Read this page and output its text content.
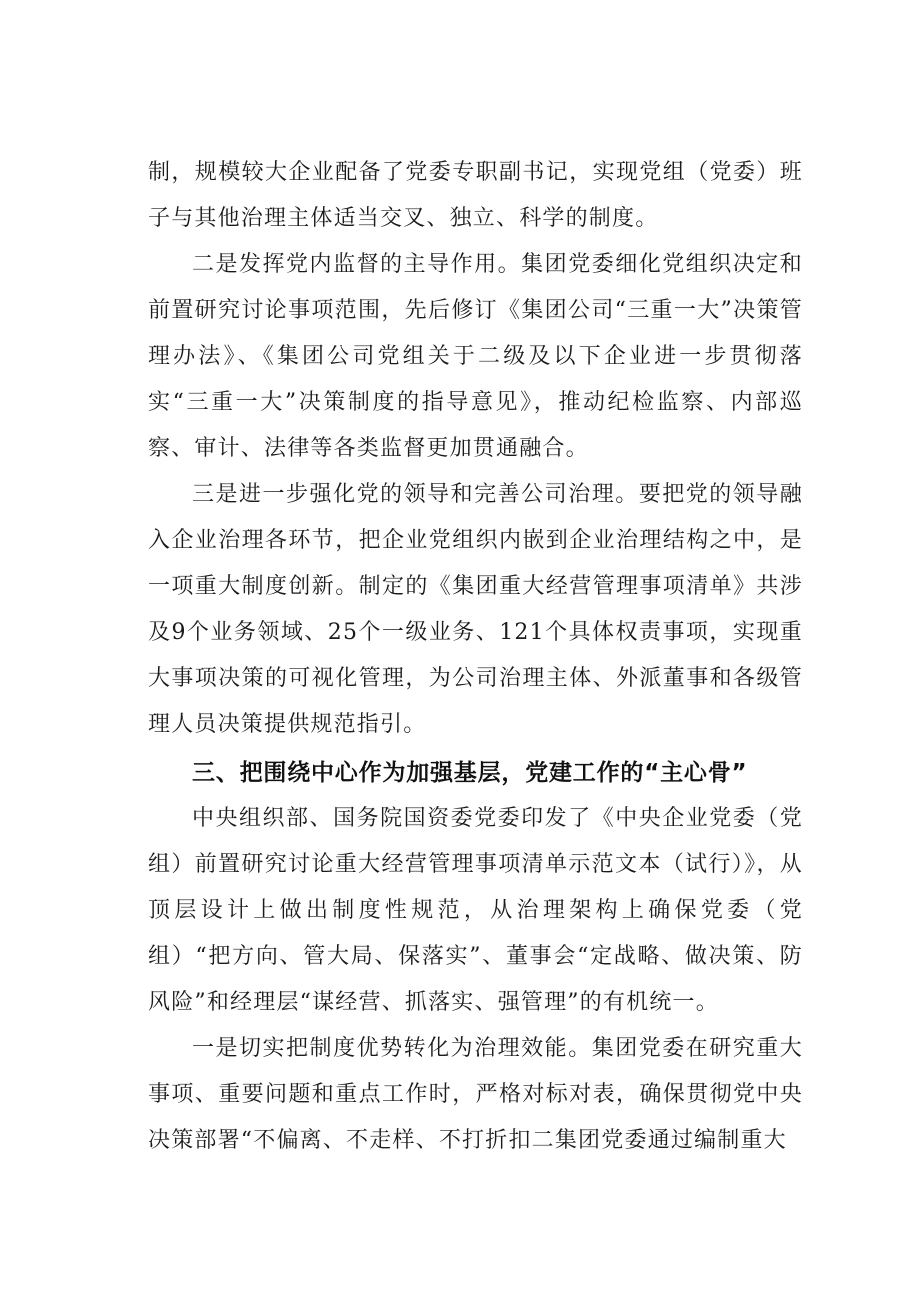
制，规模较大企业配备了党委专职副书记，实现党组（党委）班子与其他治理主体适当交叉、独立、科学的制度。

二是发挥党内监督的主导作用。集团党委细化党组织决定和前置研究讨论事项范围，先后修订《集团公司“三重一大”决策管理办法》、《集团公司党组关于二级及以下企业进一步贯彻落实“三重一大”决策制度的指导意见》，推动纪检监察、内部巡察、审计、法律等各类监督更加贯通融合。

三是进一步强化党的领导和完善公司治理。要把党的领导融入企业治理各环节，把企业党组织内嵌到企业治理结构之中，是一项重大制度创新。制定的《集团重大经营管理事项清单》共涉及9个业务领域、25个一级业务、121个具体权责事项，实现重大事项决策的可视化管理，为公司治理主体、外派董事和各级管理人员决策提供规范指引。

三、把围绕中心作为加强基层，党建工作的“主心骨”

中央组织部、国务院国资委党委印发了《中央企业党委（党组）前置研究讨论重大经营管理事项清单示范文本（试行）》，从顶层设计上做出制度性规范，从治理架构上确保党委（党组）“把方向、管大局、保落实”、董事会“定战略、做决策、防风险”和经理层“谋经营、抓落实、强管理”的有机统一。

一是切实把制度优势转化为治理效能。集团党委在研究重大事项、重要问题和重点工作时，严格对标对表，确保贯彻党中央决策部署“不偏离、不走样、不打折扣二集团党委通过编制重大
